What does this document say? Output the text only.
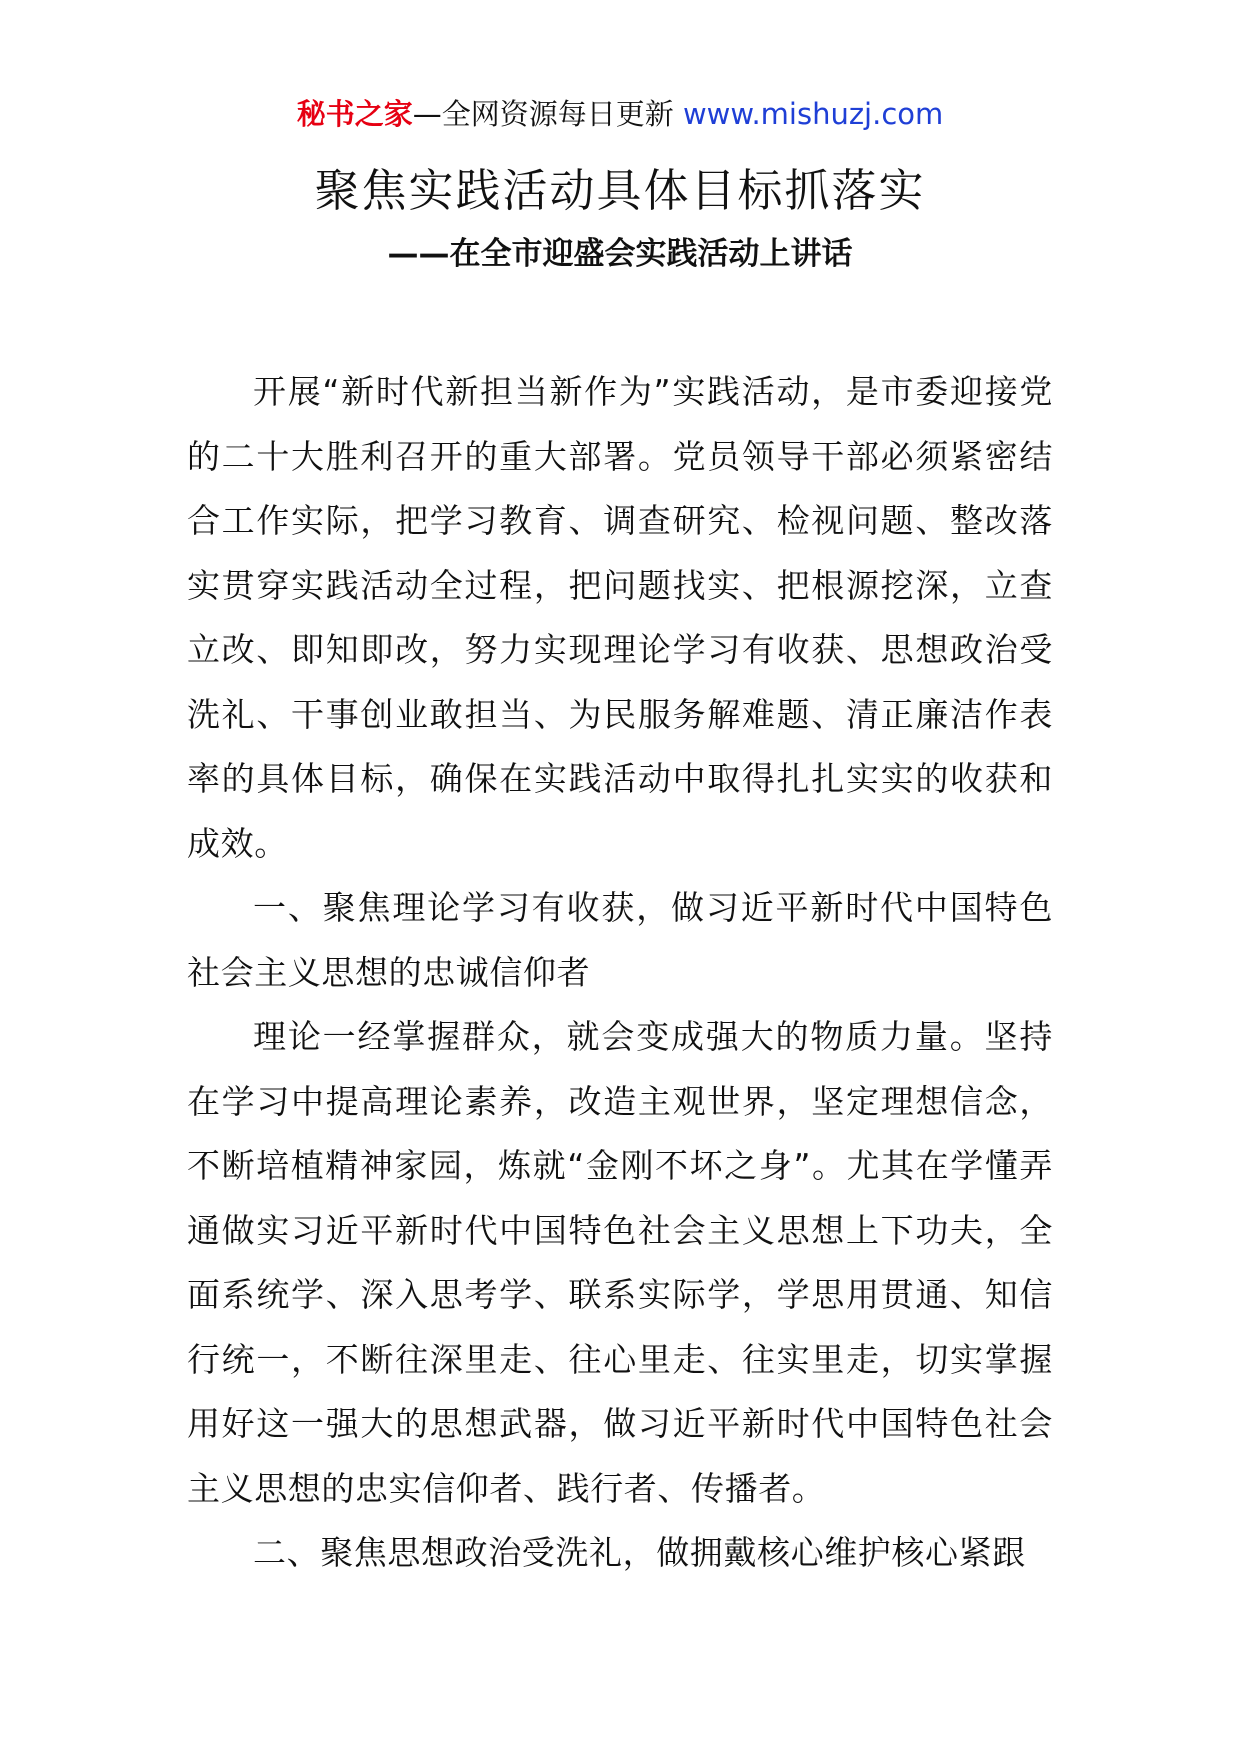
秘书之家—全网资源每日更新 www.mishuzj.com
聚焦实践活动具体目标抓落实
——在全市迎盛会实践活动上讲话

开展“新时代新担当新作为”实践活动，是市委迎接党的二十大胜利召开的重大部署。党员领导干部必须紧密结合工作实际，把学习教育、调查研究、检视问题、整改落实贯穿实践活动全过程，把问题找实、把根源挖深，立查立改、即知即改，努力实现理论学习有收获、思想政治受洗礼、干事创业敢担当、为民服务解难题、清正廉洁作表率的具体目标，确保在实践活动中取得扎扎实实的收获和成效。

一、聚焦理论学习有收获，做习近平新时代中国特色社会主义思想的忠诚信仰者

理论一经掌握群众，就会变成强大的物质力量。坚持在学习中提高理论素养，改造主观世界，坚定理想信念，不断培植精神家园，炼就“金刚不坏之身”。尤其在学懂弄通做实习近平新时代中国特色社会主义思想上下功夫，全面系统学、深入思考学、联系实际学，学思用贯通、知信行统一，不断往深里走、往心里走、往实里走，切实掌握用好这一强大的思想武器，做习近平新时代中国特色社会主义思想的忠实信仰者、践行者、传播者。

二、聚焦思想政治受洗礼，做拥戴核心维护核心紧跟
